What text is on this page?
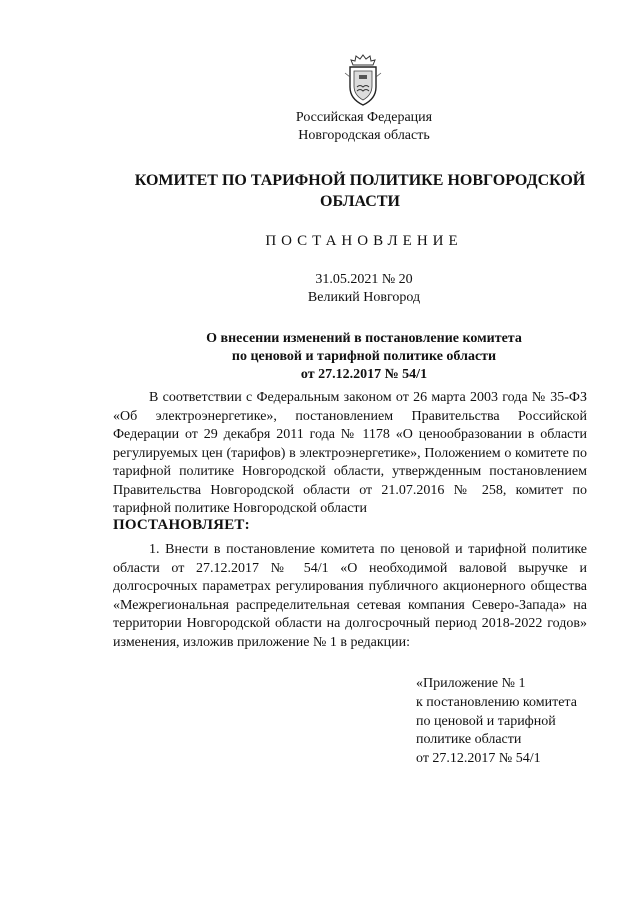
Российская Федерация
Новгородская область
КОМИТЕТ ПО ТАРИФНОЙ ПОЛИТИКЕ НОВГОРОДСКОЙ ОБЛАСТИ
ПОСТАНОВЛЕНИЕ
31.05.2021 № 20
Великий Новгород
О внесении изменений в постановление комитета
по ценовой и тарифной политике области
от 27.12.2017 № 54/1
В соответствии с Федеральным законом от 26 марта 2003 года № 35-ФЗ «Об электроэнергетике», постановлением Правительства Российской Федерации от 29 декабря 2011 года № 1178 «О ценообразовании в области регулируемых цен (тарифов) в электроэнергетике», Положением о комитете по тарифной политике Новгородской области, утвержденным постановлением Правительства Новгородской области от 21.07.2016 № 258, комитет по тарифной политике Новгородской области
ПОСТАНОВЛЯЕТ:
1. Внести в постановление комитета по ценовой и тарифной политике области от 27.12.2017 № 54/1 «О необходимой валовой выручке и долгосрочных параметрах регулирования публичного акционерного общества «Межрегиональная распределительная сетевая компания Северо-Запада» на территории Новгородской области на долгосрочный период 2018-2022 годов» изменения, изложив приложение № 1 в редакции:
«Приложение № 1
к постановлению комитета
по ценовой и тарифной
политике области
от 27.12.2017 № 54/1
